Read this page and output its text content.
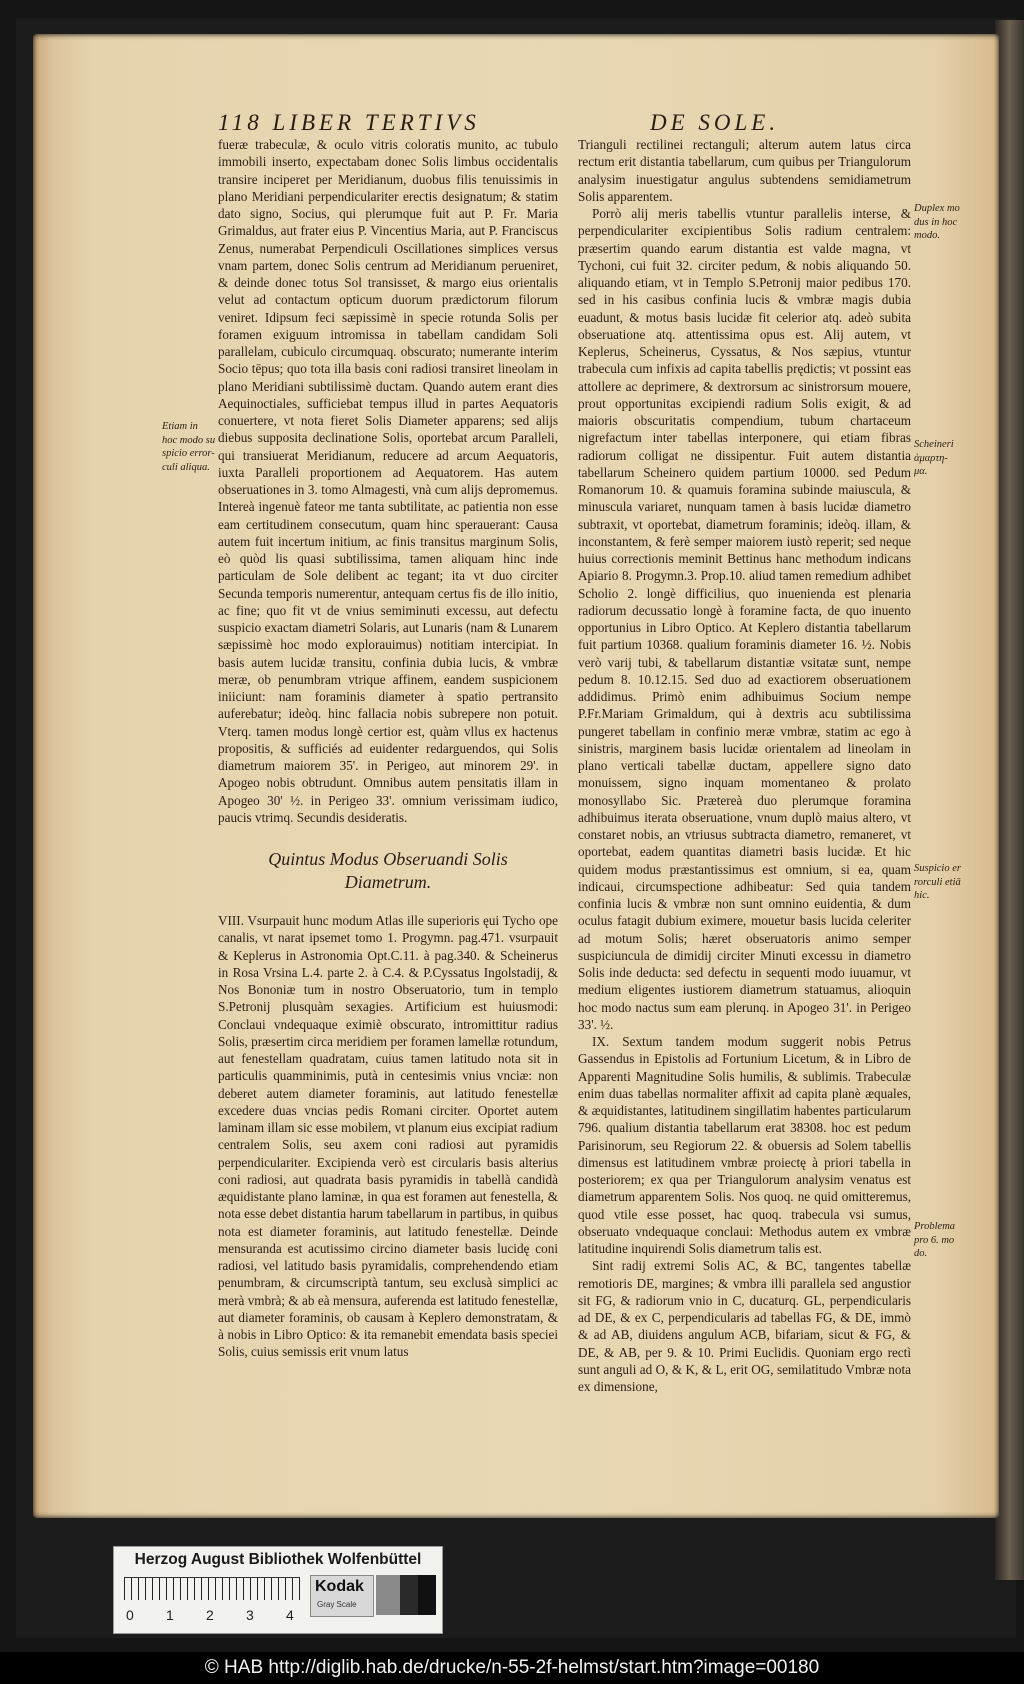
118 LIBER TERTIVS	DE SOLE.

fueræ trabeculæ, & oculo vitris coloratis munito, ac tubulo immobili inserto, expectabam donec Solis limbus occidentalis transire inciperet per Meridianum, duobus filis tenuissimis in plano Meridiani perpendiculariter erectis designatum; & statim dato signo, Socius, qui plerumque fuit aut P. Fr. Maria Grimaldus, aut frater eius P. Vincentius Maria, aut P. Franciscus Zenus, numerabat Perpendiculi Oscillationes simplices versus vnam partem, donec Solis centrum ad Meridianum perueniret, & deinde donec totus Sol transisset, & margo eius orientalis velut ad contactum opticum duorum prædictorum filorum veniret. Idipsum feci sæpissimè in specie rotunda Solis per foramen exiguum intromissa in tabellam candidam Soli parallelam, cubiculo circumquaq. obscurato; numerante interim Socio tēpus; quo tota illa basis coni radiosi transiret lineolam in plano Meridiani subtilissimè ductam. Quando autem erant dies Aequinoctiales, sufficiebat tempus illud in partes Aequatoris conuertere, vt nota fieret Solis Diameter apparens; sed alijs diebus supposita declinatione Solis, oportebat arcum Paralleli, qui transiuerat Meridianum, reducere ad arcum Aequatoris, iuxta Paralleli proportionem ad Aequatorem. Has autem obseruationes in 3. tomo Almagesti, vnà cum alijs depromemus. Intereà ingenuè fateor me tanta subtilitate, ac patientia non esse eam certitudinem consecutum, quam hinc sperauerant: Causa autem fuit incertum initium, ac finis transitus marginum Solis, eò quòd lis quasi subtilissima, tamen aliquam hinc inde particulam de Sole delibent ac tegant; ita vt duo circiter Secunda temporis numerentur, antequam certus fis de illo initio, ac fine; quo fit vt de vnius semiminuti excessu, aut defectu suspicio exactam diametri Solaris, aut Lunaris (nam & Lunarem sæpissimè hoc modo explorauimus) notitiam intercipiat. In basis autem lucidæ transitu, confinia dubia lucis, & vmbræ meræ, ob penumbram vtrique affinem, eandem suspicionem iniiciunt: nam foraminis diameter à spatio pertransito auferebatur; ideòq. hinc fallacia nobis subrepere non potuit. Vterq. tamen modus longè certior est, quàm vllus ex hactenus propositis, & sufficiés ad euidenter redarguendos, qui Solis diametrum maiorem 35'. in Perigeo, aut minorem 29'. in Apogeo nobis obtrudunt. Omnibus autem pensitatis illam in Apogeo 30' ½. in Perigeo 33'. omnium verissimam iudico, paucis vtrimq. Secundis desideratis.

Quintus Modus Obseruandi Solis
Diametrum.

VIII. Vsurpauit hunc modum Atlas ille superioris ęui Tycho ope canalis, vt narat ipsemet tomo 1. Progymn. pag.471. vsurpauit & Keplerus in Astronomia Opt.C.11. à pag.340. & Scheinerus in Rosa Vrsina L.4. parte 2. à C.4. & P.Cyssatus Ingolstadij, & Nos Bononiæ tum in nostro Obseruatorio, tum in templo S.Petronij plusquàm sexagies. Artificium est huiusmodi: Conclaui vndequaque eximiè obscurato, intromittitur radius Solis, præsertim circa meridiem per foramen lamellæ rotundum, aut fenestellam quadratam, cuius tamen latitudo nota sit in particulis quamminimis, putà in centesimis vnius vnciæ: non deberet autem diameter foraminis, aut latitudo fenestellæ excedere duas vncias pedis Romani circiter. Oportet autem laminam illam sic esse mobilem, vt planum eius excipiat radium centralem Solis, seu axem coni radiosi aut pyramidis perpendiculariter. Excipienda verò est circularis basis alterius coni radiosi, aut quadrata basis pyramidis in tabellà candidà æquidistante plano laminæ, in qua est foramen aut fenestella, & nota esse debet distantia harum tabellarum in partibus, in quibus nota est diameter foraminis, aut latitudo fenestellæ. Deinde mensuranda est acutissimo circino diameter basis lucidę coni radiosi, vel latitudo basis pyramidalis, comprehendendo etiam penumbram, & circumscriptà tantum, seu exclusà simplici ac merà vmbrà; & ab eà mensura, auferenda est latitudo fenestellæ, aut diameter foraminis, ob causam à Keplero demonstratam, & à nobis in Libro Optico: & ita remanebit emendata basis speciei Solis, cuius semissis erit vnum latus

Trianguli rectilinei rectanguli; alterum autem latus circa rectum erit distantia tabellarum, cum quibus per Triangulorum analysim inuestigatur angulus subtendens semidiametrum Solis apparentem.

Porrò alij meris tabellis vtuntur parallelis interse, & perpendiculariter excipientibus Solis radium centralem: præsertim quando earum distantia est valde magna, vt Tychoni, cui fuit 32. circiter pedum, & nobis aliquando 50. aliquando etiam, vt in Templo S.Petronij maior pedibus 170. sed in his casibus confinia lucis & vmbræ magis dubia euadunt, & motus basis lucidæ fit celerior atq. adeò subita obseruatione atq. attentissima opus est. Alij autem, vt Keplerus, Scheinerus, Cyssatus, & Nos sæpius, vtuntur trabecula cum infixis ad capita tabellis prędictis; vt possint eas attollere ac deprimere, & dextrorsum ac sinistrorsum mouere, prout opportunitas excipiendi radium Solis exigit, & ad maioris obscuritatis compendium, tubum chartaceum nigrefactum inter tabellas interponere, qui etiam fibras radiorum colligat ne dissipentur. Fuit autem distantia tabellarum Scheinero quidem partium 10000. sed Pedum Romanorum 10. & quamuis foramina subinde maiuscula, & minuscula variaret, nunquam tamen à basis lucidæ diametro subtraxit, vt oportebat, diametrum foraminis; ideòq. illam, & inconstantem, & ferè semper maiorem iustò reperit; sed neque huius correctionis meminit Bettinus hanc methodum indicans Apiario 8. Progymn.3. Prop.10. aliud tamen remedium adhibet Scholio 2. longè difficilius, quo inuenienda est plenaria radiorum decussatio longè à foramine facta, de quo inuento opportunius in Libro Optico. At Keplero distantia tabellarum fuit partium 10368. qualium foraminis diameter 16. ½. Nobis verò varij tubi, & tabellarum distantiæ vsitatæ sunt, nempe pedum 8. 10.12.15. Sed duo ad exactiorem obseruationem addidimus. Primò enim adhibuimus Socium nempe P.Fr.Mariam Grimaldum, qui à dextris acu subtilissima pungeret tabellam in confinio meræ vmbræ, statim ac ego à sinistris, marginem basis lucidæ orientalem ad lineolam in plano verticali tabellæ ductam, appellere signo dato monuissem, signo inquam momentaneo & prolato monosyllabo Sic. Prætereà duo plerumque foramina adhibuimus iterata obseruatione, vnum duplò maius altero, vt constaret nobis, an vtriusus subtracta diametro, remaneret, vt oportebat, eadem quantitas diametri basis lucidæ. Et hic quidem modus præstantissimus est omnium, si ea, quam indicaui, circumspectione adhibeatur: Sed quia tandem confinia lucis & vmbræ non sunt omnino euidentia, & dum oculus fatagit dubium eximere, mouetur basis lucida celeriter ad motum Solis; hæret obseruatoris animo semper suspiciuncula de dimidij circiter Minuti excessu in diametro Solis inde deducta: sed defectu in sequenti modo iuuamur, vt medium eligentes iustiorem diametrum statuamus, alioquin hoc modo nactus sum eam plerunq. in Apogeo 31'. in Perigeo 33'. ½.

IX. Sextum tandem modum suggerit nobis Petrus Gassendus in Epistolis ad Fortunium Licetum, & in Libro de Apparenti Magnitudine Solis humilis, & sublimis. Trabeculæ enim duas tabellas normaliter affixit ad capita planè æquales, & æquidistantes, latitudinem singillatim habentes particularum 796. qualium distantia tabellarum erat 38308. hoc est pedum Parisinorum, seu Regiorum 22. & obuersis ad Solem tabellis dimensus est latitudinem vmbræ proiectę à priori tabella in posteriorem; ex qua per Triangulorum analysim venatus est diametrum apparentem Solis. Nos quoq. ne quid omitteremus, quod vtile esse posset, hac quoq. trabecula vsi sumus, obseruato vndequaque conclaui: Methodus autem ex vmbræ latitudine inquirendi Solis diametrum talis est.

Sint radij extremi Solis AC, & BC, tangentes tabellæ remotioris DE, margines; & vmbra illi parallela sed angustior sit FG, & radiorum vnio in C, ducaturq. GL, perpendicularis ad DE, & ex C, perpendicularis ad tabellas FG, & DE, immò & ad AB, diuidens angulum ACB, bifariam, sicut & FG, & DE, & AB, per 9. & 10. Primi Euclidis. Quoniam ergo rectì sunt anguli ad O, & K, & L, erit OG, semilatitudo Vmbræ nota ex dimensione,

Etiam in
hoc modo su
spicio error-
culi aliqua.
Duplex mo
dus in hoc
modo.
Scheineri
ἁμαρτη-
μα.
Suspicio er
rorculi etiā
hic.
Problema
pro 6. mo
do.
Herzog August Bibliothek Wolfenbüttel
0 1 2 3 4
Kodak
Gray Scale
© HAB http://diglib.hab.de/drucke/n-55-2f-helmst/start.htm?image=00180
